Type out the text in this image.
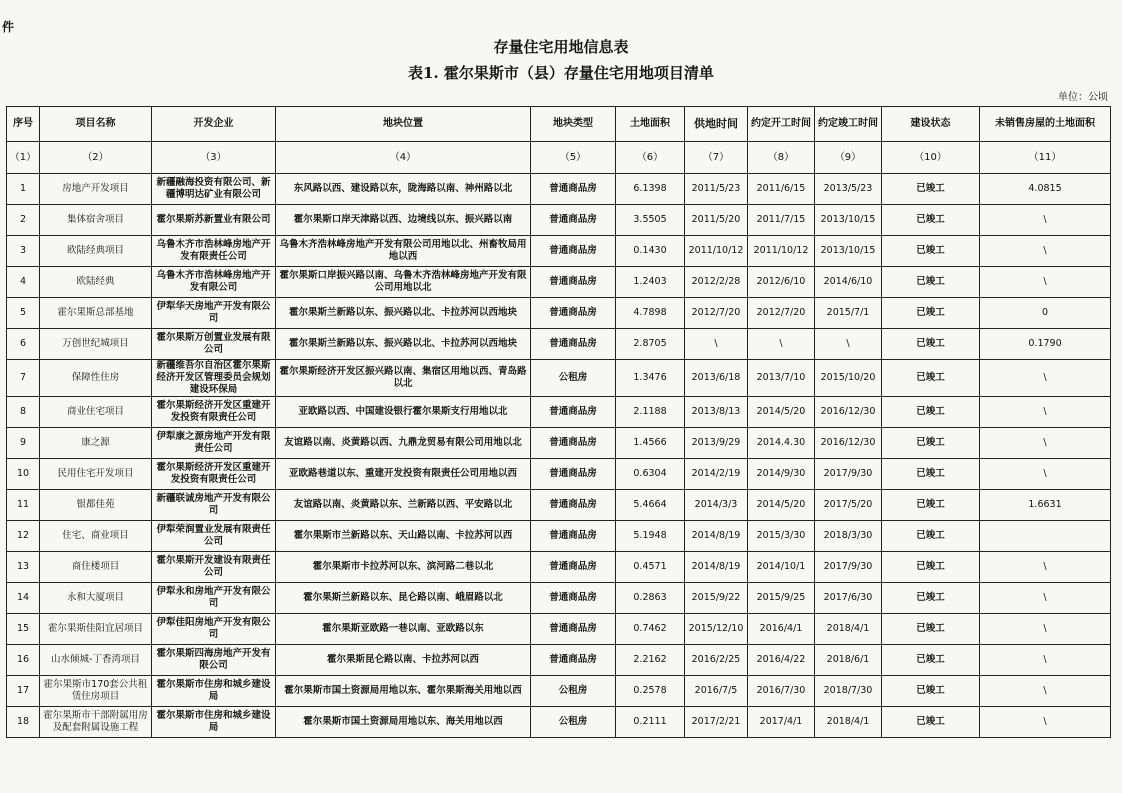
件
存量住宅用地信息表
表1. 霍尔果斯市（县）存量住宅用地项目清单
单位：公顷
序号	项目名称	开发企业	地块位置	地块类型	土地面积	供地时间	约定开工时间	约定竣工时间	建设状态	未销售房屋的土地面积
（1）	（2）	（3）	（4）	（5）	（6）	（7）	（8）	（9）	（10）	（11）
1	房地产开发项目	新疆融海投资有限公司、新疆博明达矿业有限公司	东风路以西、建设路以东，陇海路以南、神州路以北	普通商品房	6.1398	2011/5/23	2011/6/15	2013/5/23	已竣工	4.0815
2	集体宿舍项目	霍尔果斯苏新置业有限公司	霍尔果斯口岸天津路以西、边境线以东、振兴路以南	普通商品房	3.5505	2011/5/20	2011/7/15	2013/10/15	已竣工	\
3	欧陆经典项目	乌鲁木齐市浩林峰房地产开发有限责任公司	乌鲁木齐浩林峰房地产开发有限公司用地以北、州畜牧局用地以西	普通商品房	0.1430	2011/10/12	2011/10/12	2013/10/15	已竣工	\
4	欧陆经典	乌鲁木齐市浩林峰房地产开发有限公司	霍尔果斯口岸振兴路以南、乌鲁木齐浩林峰房地产开发有限公司用地以北	普通商品房	1.2403	2012/2/28	2012/6/10	2014/6/10	已竣工	\
5	霍尔果斯总部基地	伊犁华天房地产开发有限公司	霍尔果斯兰新路以东、振兴路以北、卡拉苏河以西地块	普通商品房	4.7898	2012/7/20	2012/7/20	2015/7/1	已竣工	0
6	万创世纪城项目	霍尔果斯万创置业发展有限公司	霍尔果斯兰新路以东、振兴路以北、卡拉苏河以西地块	普通商品房	2.8705	\	\	\	已竣工	0.1790
7	保障性住房	新疆维吾尔自治区霍尔果斯经济开发区管理委员会规划建设环保局	霍尔果斯经济开发区振兴路以南、集宿区用地以西、青岛路以北	公租房	1.3476	2013/6/18	2013/7/10	2015/10/20	已竣工	\
8	商业住宅项目	霍尔果斯经济开发区重建开发投资有限责任公司	亚欧路以西、中国建设银行霍尔果斯支行用地以北	普通商品房	2.1188	2013/8/13	2014/5/20	2016/12/30	已竣工	\
9	康之源	伊犁康之源房地产开发有限责任公司	友谊路以南、炎黄路以西、九鼎龙贸易有限公司用地以北	普通商品房	1.4566	2013/9/29	2014.4.30	2016/12/30	已竣工	\
10	民用住宅开发项目	霍尔果斯经济开发区重建开发投资有限责任公司	亚欧路巷道以东、重建开发投资有限责任公司用地以西	普通商品房	0.6304	2014/2/19	2014/9/30	2017/9/30	已竣工	\
11	银都佳苑	新疆联诚房地产开发有限公司	友谊路以南、炎黄路以东、兰新路以西、平安路以北	普通商品房	5.4664	2014/3/3	2014/5/20	2017/5/20	已竣工	1.6631
12	住宅、商业项目	伊犁荣润置业发展有限责任公司	霍尔果斯市兰新路以东、天山路以南、卡拉苏河以西	普通商品房	5.1948	2014/8/19	2015/3/30	2018/3/30	已竣工	
13	商住楼项目	霍尔果斯开发建设有限责任公司	霍尔果斯市卡拉苏河以东、滨河路二巷以北	普通商品房	0.4571	2014/8/19	2014/10/1	2017/9/30	已竣工	\
14	永和大厦项目	伊犁永和房地产开发有限公司	霍尔果斯兰新路以东、昆仑路以南、峨眉路以北	普通商品房	0.2863	2015/9/22	2015/9/25	2017/6/30	已竣工	\
15	霍尔果斯佳阳宜居项目	伊犁佳阳房地产开发有限公司	霍尔果斯亚欧路一巷以南、亚欧路以东	普通商品房	0.7462	2015/12/10	2016/4/1	2018/4/1	已竣工	\
16	山水倾城-丁香湾项目	霍尔果斯四海房地产开发有限公司	霍尔果斯昆仑路以南、卡拉苏河以西	普通商品房	2.2162	2016/2/25	2016/4/22	2018/6/1	已竣工	\
17	霍尔果斯市170套公共租赁住房项目	霍尔果斯市住房和城乡建设局	霍尔果斯市国土资源局用地以东、霍尔果斯海关用地以西	公租房	0.2578	2016/7/5	2016/7/30	2018/7/30	已竣工	\
18	霍尔果斯市干部附属用房及配套附属设施工程	霍尔果斯市住房和城乡建设局	霍尔果斯市国土资源局用地以东、海关用地以西	公租房	0.2111	2017/2/21	2017/4/1	2018/4/1	已竣工	\
